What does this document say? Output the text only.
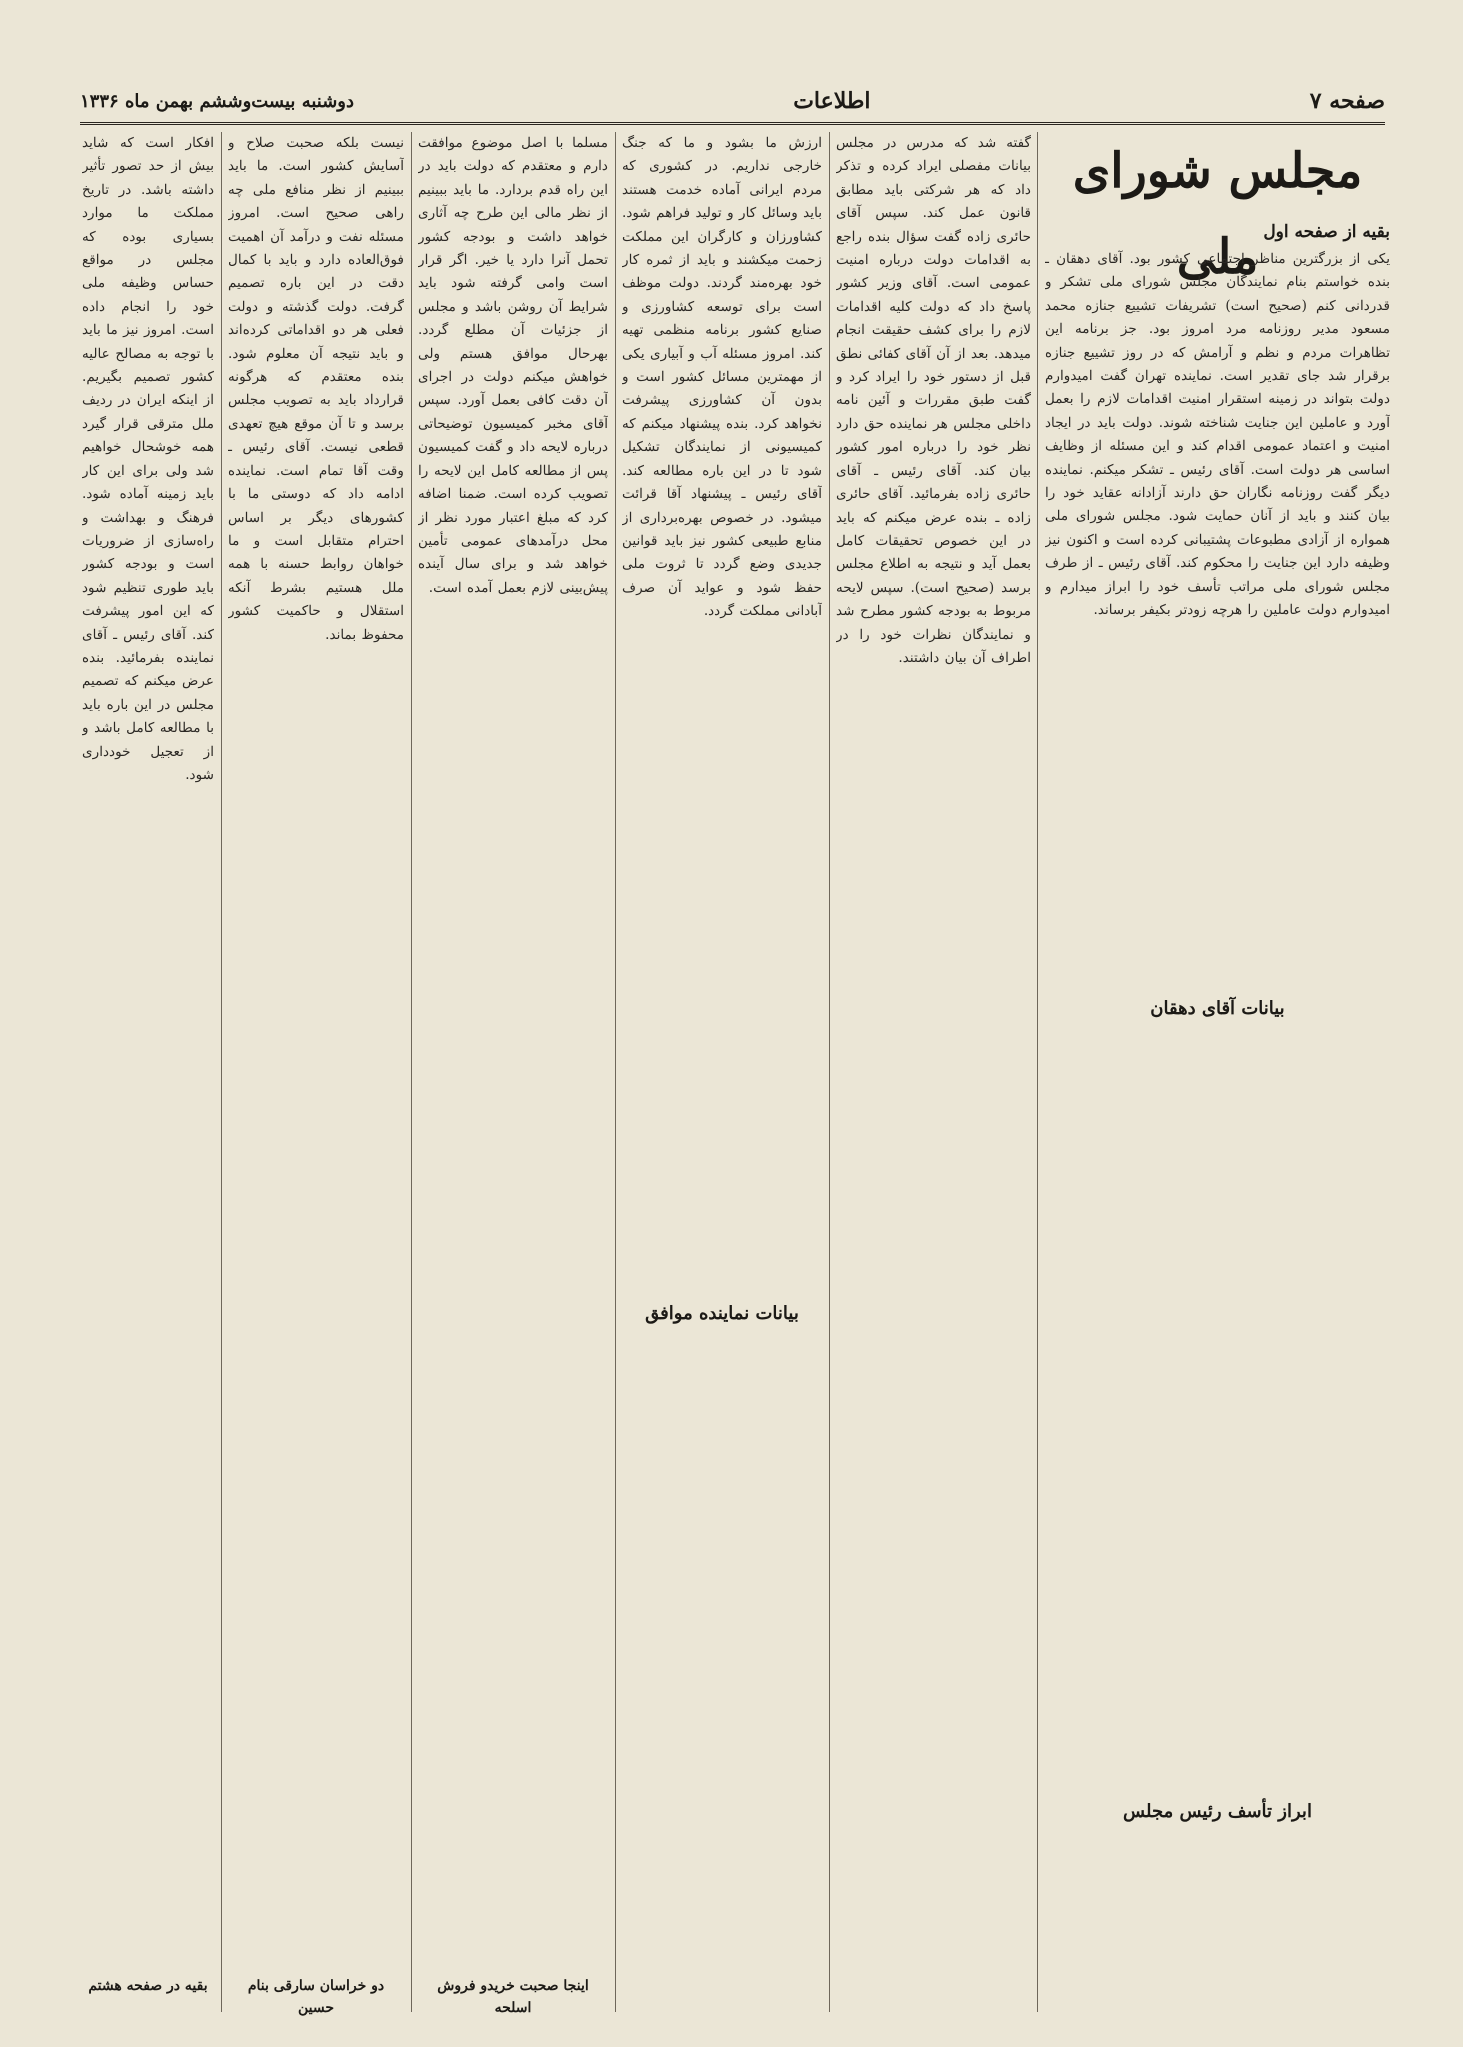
صفحه ۷
اطلاعات
دوشنبه بیست‌وششم بهمن ماه ۱۳۳۶
مجلس شورای ملی بقیه از صفحه اول
یکی از بزرگترین مناظر اجتماعی کشور بود. آقای دهقان ـ بنده خواستم بنام نمایندگان مجلس شورای ملی تشکر و قدردانی کنم (صحیح است) تشریفات تشییع جنازه محمد مسعود مدیر روزنامه مرد امروز بود. جز برنامه این تظاهرات مردم و نظم و آرامش که در روز تشییع جنازه برقرار شد جای تقدیر است. نماینده تهران گفت امیدوارم دولت بتواند در زمینه استقرار امنیت اقدامات لازم را بعمل آورد و عاملین این جنایت شناخته شوند. دولت باید در ایجاد امنیت و اعتماد عمومی اقدام کند و این مسئله از وظایف اساسی هر دولت است. آقای رئیس ـ تشکر میکنم. نماینده دیگر گفت روزنامه نگاران حق دارند آزادانه عقاید خود را بیان کنند و باید از آنان حمایت شود. مجلس شورای ملی همواره از آزادی مطبوعات پشتیبانی کرده است و اکنون نیز وظیفه دارد این جنایت را محکوم کند. آقای رئیس ـ از طرف مجلس شورای ملی مراتب تأسف خود را ابراز میدارم و امیدوارم دولت عاملین را هرچه زودتر بکیفر برساند.
بیانات آقای دهقان
ابراز تأسف رئیس مجلس
گفته شد که مدرس در مجلس بیانات مفصلی ایراد کرده و تذکر داد که هر شرکتی باید مطابق قانون عمل کند. سپس آقای حائری زاده گفت سؤال بنده راجع به اقدامات دولت درباره امنیت عمومی است. آقای وزیر کشور پاسخ داد که دولت کلیه اقدامات لازم را برای کشف حقیقت انجام میدهد. بعد از آن آقای کفائی نطق قبل از دستور خود را ایراد کرد و گفت طبق مقررات و آئین نامه داخلی مجلس هر نماینده حق دارد نظر خود را درباره امور کشور بیان کند. آقای رئیس ـ آقای حائری زاده بفرمائید. آقای حائری زاده ـ بنده عرض میکنم که باید در این خصوص تحقیقات کامل بعمل آید و نتیجه به اطلاع مجلس برسد (صحیح است). سپس لایحه مربوط به بودجه کشور مطرح شد و نمایندگان نظرات خود را در اطراف آن بیان داشتند.
ارزش ما بشود و ما که جنگ خارجی نداریم. در کشوری که مردم ایرانی آماده خدمت هستند باید وسائل کار و تولید فراهم شود. کشاورزان و کارگران این مملکت زحمت میکشند و باید از ثمره کار خود بهره‌مند گردند. دولت موظف است برای توسعه کشاورزی و صنایع کشور برنامه منظمی تهیه کند. امروز مسئله آب و آبیاری یکی از مهمترین مسائل کشور است و بدون آن کشاورزی پیشرفت نخواهد کرد. بنده پیشنهاد میکنم که کمیسیونی از نمایندگان تشکیل شود تا در این باره مطالعه کند. آقای رئیس ـ پیشنهاد آقا قرائت میشود. در خصوص بهره‌برداری از منابع طبیعی کشور نیز باید قوانین جدیدی وضع گردد تا ثروت ملی حفظ شود و عواید آن صرف آبادانی مملکت گردد.
بیانات نماینده موافق
مسلما با اصل موضوع موافقت دارم و معتقدم که دولت باید در این راه قدم بردارد. ما باید ببینیم از نظر مالی این طرح چه آثاری خواهد داشت و بودجه کشور تحمل آنرا دارد یا خیر. اگر قرار است وامی گرفته شود باید شرایط آن روشن باشد و مجلس از جزئیات آن مطلع گردد. بهرحال موافق هستم ولی خواهش میکنم دولت در اجرای آن دقت کافی بعمل آورد. سپس آقای مخبر کمیسیون توضیحاتی درباره لایحه داد و گفت کمیسیون پس از مطالعه کامل این لایحه را تصویب کرده است. ضمنا اضافه کرد که مبلغ اعتبار مورد نظر از محل درآمدهای عمومی تأمین خواهد شد و برای سال آینده پیش‌بینی لازم بعمل آمده است.
اینجا صحبت خریدو فروش اسلحه
نیست بلکه صحبت صلاح و آسایش کشور است. ما باید ببینیم از نظر منافع ملی چه راهی صحیح است. امروز مسئله نفت و درآمد آن اهمیت فوق‌العاده دارد و باید با کمال دقت در این باره تصمیم گرفت. دولت گذشته و دولت فعلی هر دو اقداماتی کرده‌اند و باید نتیجه آن معلوم شود. بنده معتقدم که هرگونه قرارداد باید به تصویب مجلس برسد و تا آن موقع هیچ تعهدی قطعی نیست. آقای رئیس ـ وقت آقا تمام است. نماینده ادامه داد که دوستی ما با کشورهای دیگر بر اساس احترام متقابل است و ما خواهان روابط حسنه با همه ملل هستیم بشرط آنکه استقلال و حاکمیت کشور محفوظ بماند.
دو خراسان سارقی بنام حسین
افکار است که شاید بیش از حد تصور تأثیر داشته باشد. در تاریخ مملکت ما موارد بسیاری بوده که مجلس در مواقع حساس وظیفه ملی خود را انجام داده است. امروز نیز ما باید با توجه به مصالح عالیه کشور تصمیم بگیریم. از اینکه ایران در ردیف ملل مترقی قرار گیرد همه خوشحال خواهیم شد ولی برای این کار باید زمینه آماده شود. فرهنگ و بهداشت و راه‌سازی از ضروریات است و بودجه کشور باید طوری تنظیم شود که این امور پیشرفت کند. آقای رئیس ـ آقای نماینده بفرمائید. بنده عرض میکنم که تصمیم مجلس در این باره باید با مطالعه کامل باشد و از تعجیل خودداری شود.
بقیه در صفحه هشتم
